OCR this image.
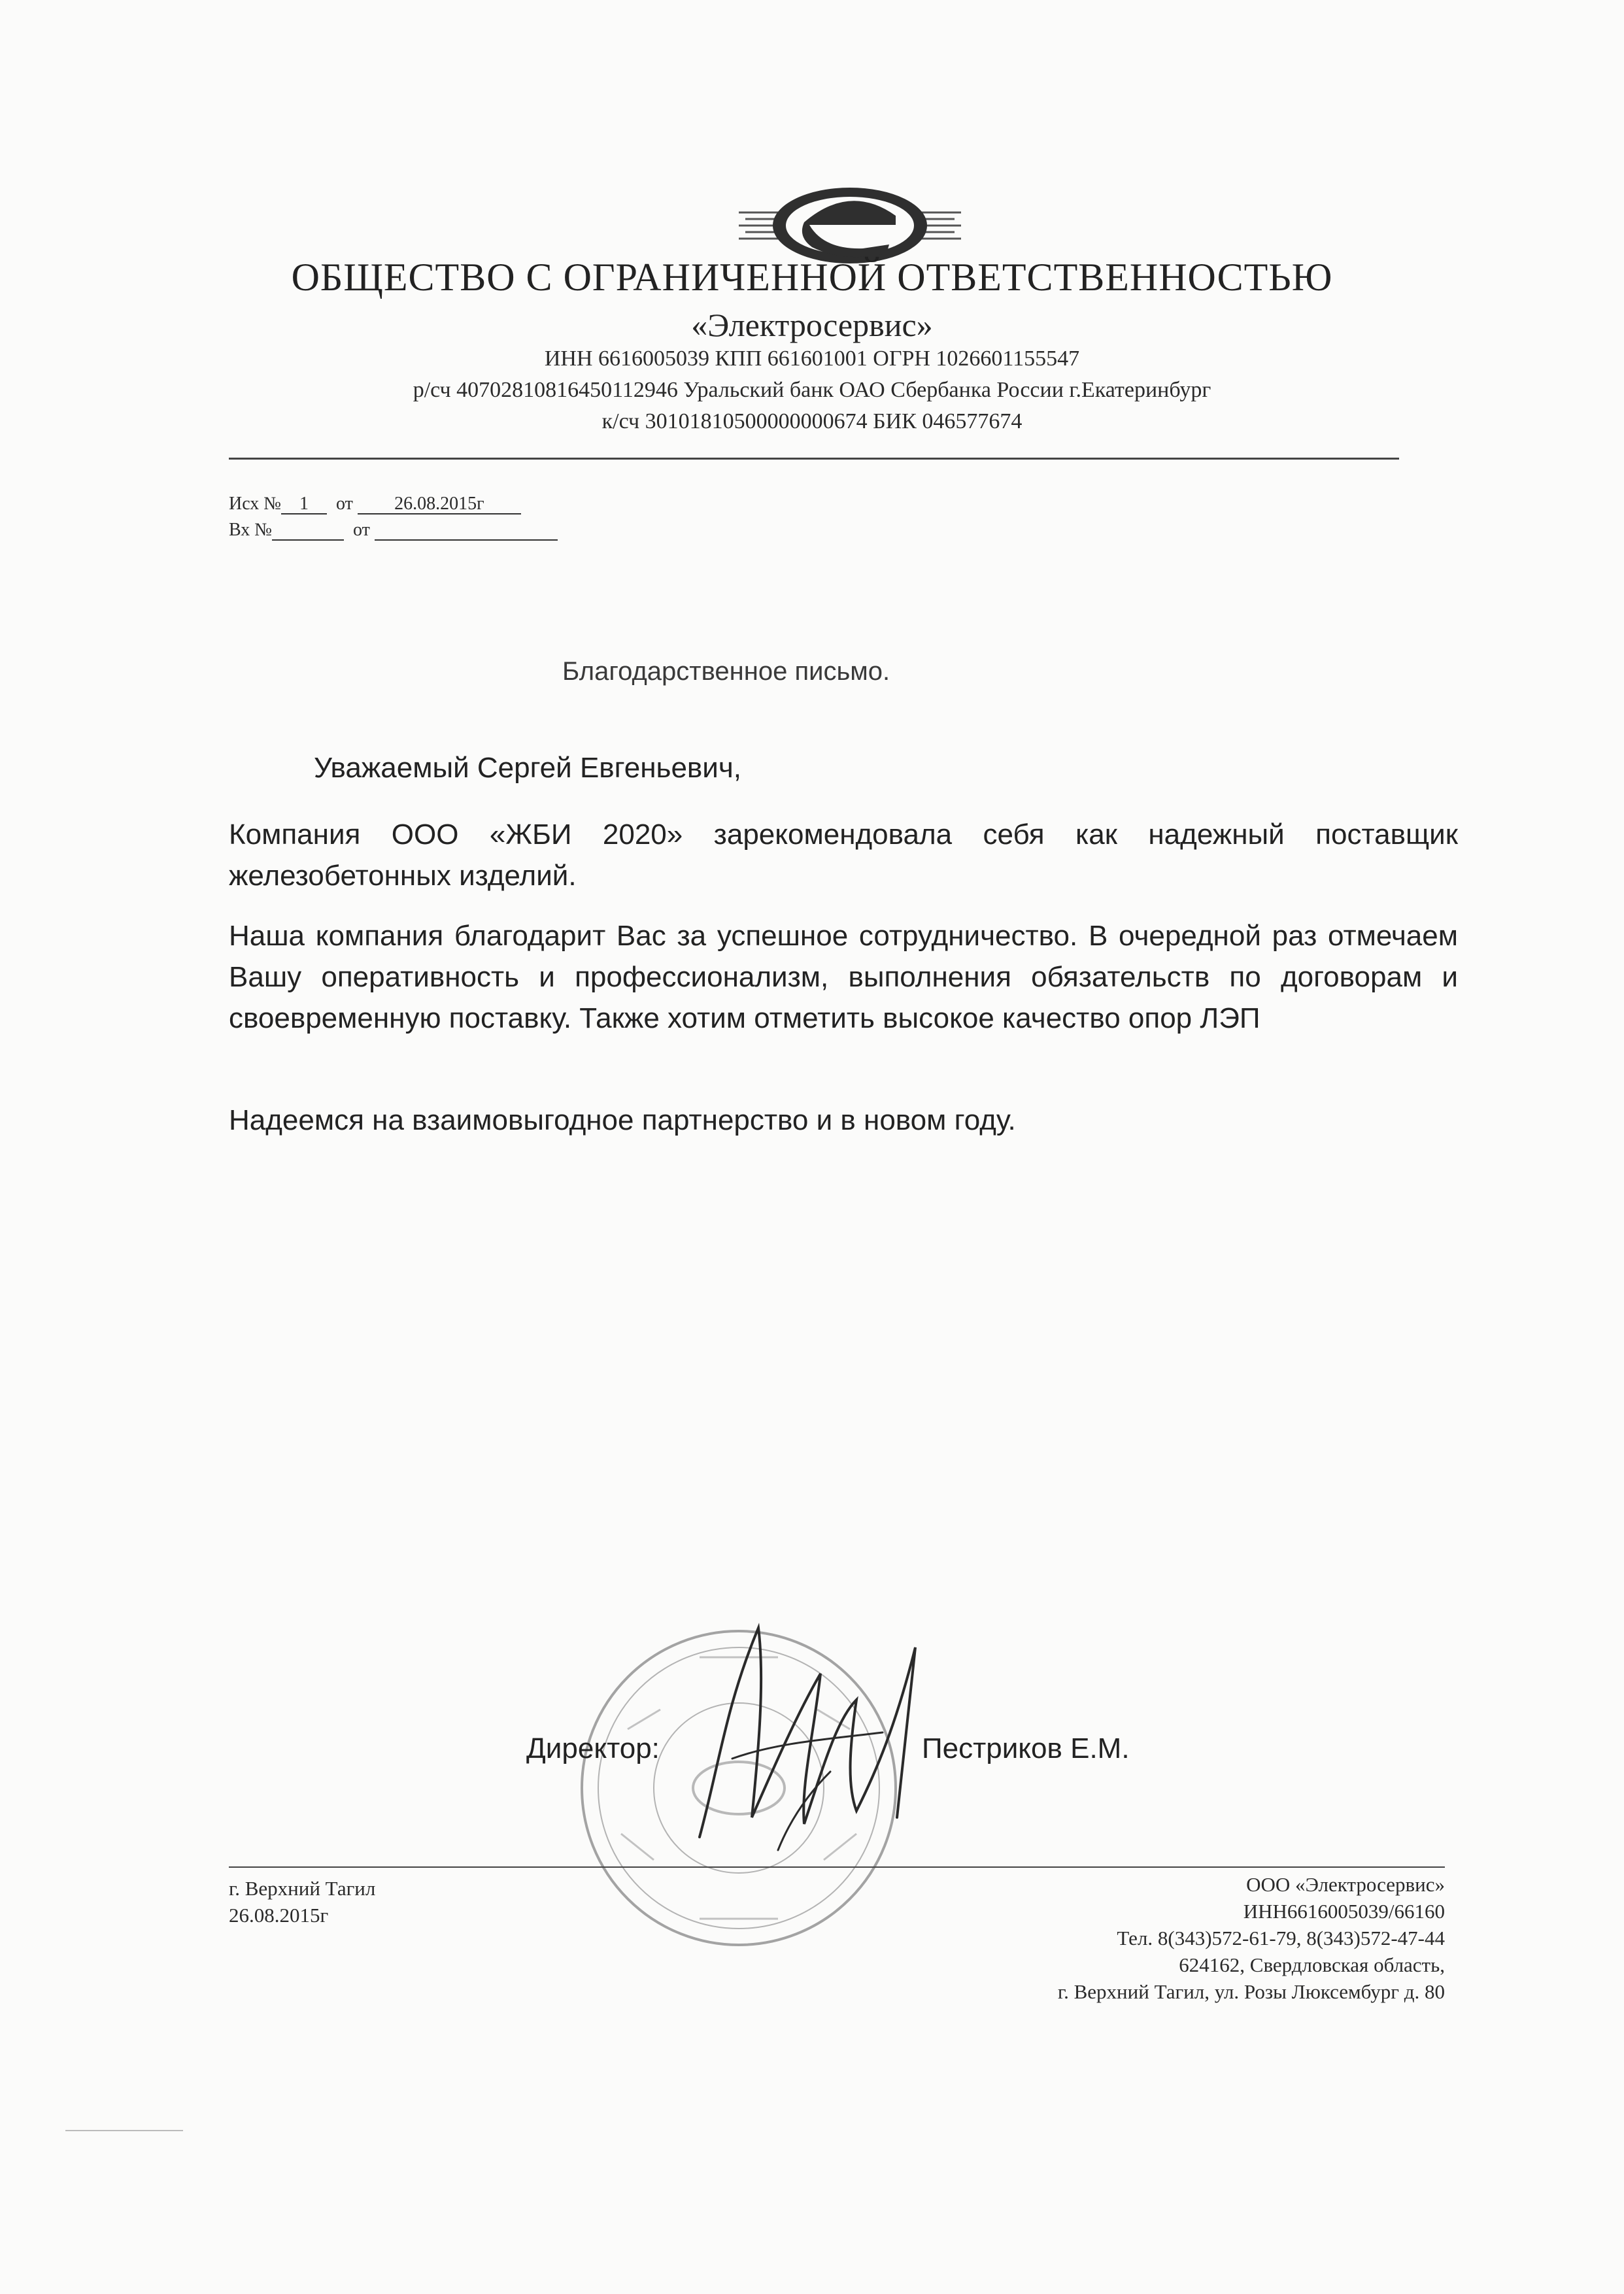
ОБЩЕСТВО С ОГРАНИЧЕННОЙ ОТВЕТСТВЕННОСТЬЮ
«Электросервис»
ИНН 6616005039 КПП 661601001 ОГРН 1026601155547
р/сч 40702810816450112946 Уральский банк ОАО Сбербанка России г.Екатеринбург
к/сч 30101810500000000674 БИК 046577674
Исх № 1 от 26.08.2015г
Вх №	от
Благодарственное письмо.
Уважаемый Сергей Евгеньевич,
Компания ООО «ЖБИ 2020» зарекомендовала себя как надежный поставщик железобетонных изделий.
Наша компания благодарит Вас за успешное сотрудничество. В очередной раз отмечаем Вашу оперативность и профессионализм, выполнения обязательств по договорам и своевременную поставку. Также хотим отметить высокое качество опор ЛЭП
Надеемся на взаимовыгодное партнерство и в новом году.
Директор:	Пестриков Е.М.
г. Верхний Тагил
26.08.2015г
ООО «Электросервис»
ИНН6616005039/66160
Тел. 8(343)572-61-79, 8(343)572-47-44
624162, Свердловская область,
г. Верхний Тагил, ул. Розы Люксембург д. 80
